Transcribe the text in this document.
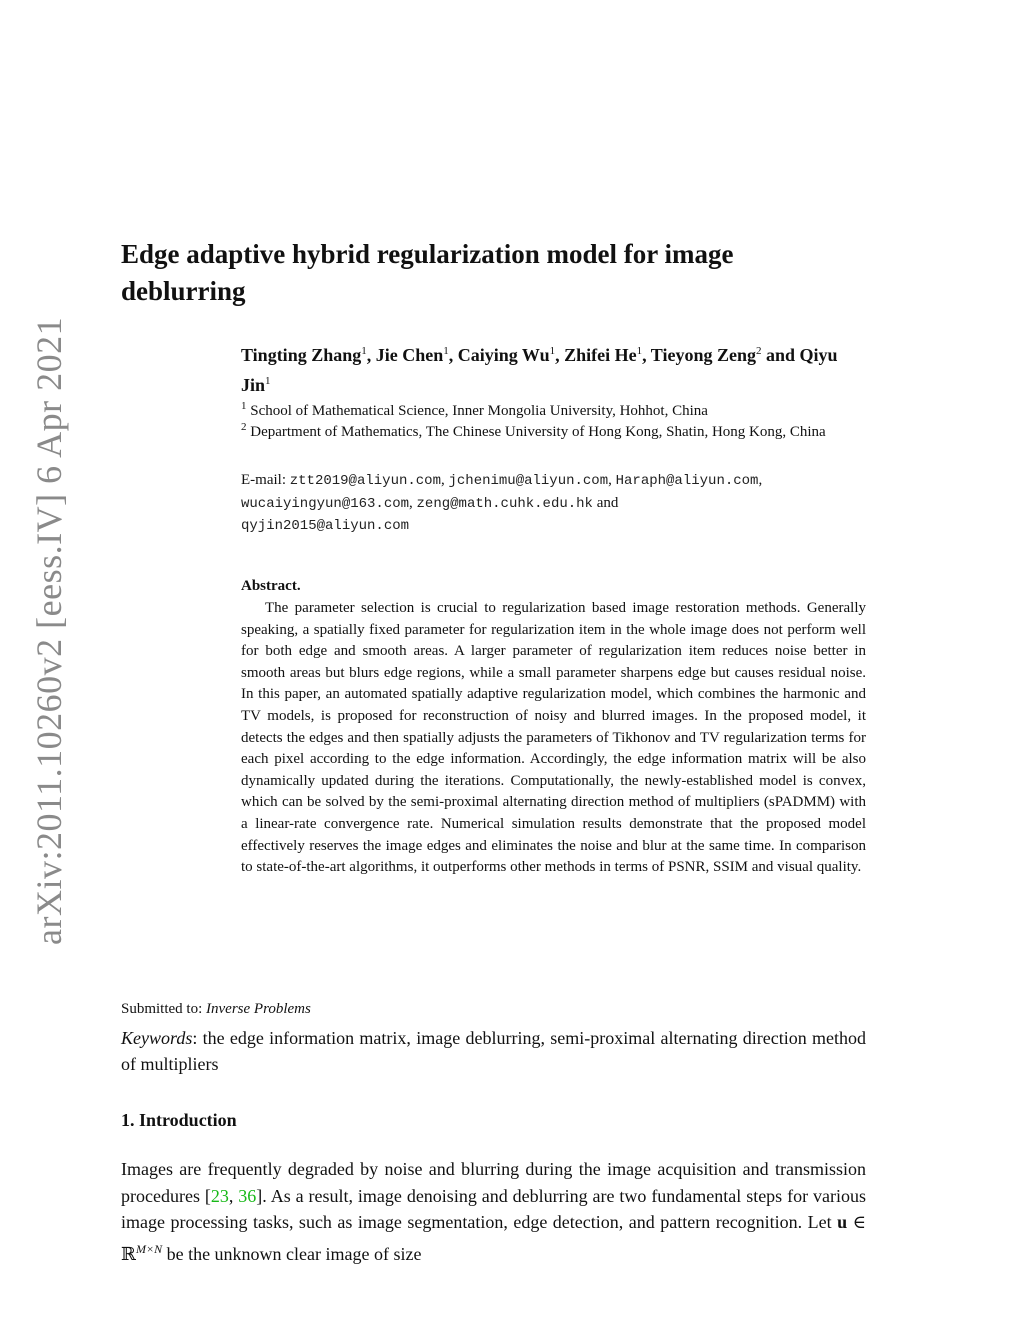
arXiv:2011.10260v2 [eess.IV] 6 Apr 2021
Edge adaptive hybrid regularization model for image deblurring
Tingting Zhang$^1$, Jie Chen$^1$, Caiying Wu$^1$, Zhifei He$^1$, Tieyong Zeng$^2$ and Qiyu Jin$^1$
$^1$ School of Mathematical Science, Inner Mongolia University, Hohhot, China
$^2$ Department of Mathematics, The Chinese University of Hong Kong, Shatin, Hong Kong, China
E-mail: ztt2019@aliyun.com, jchenimu@aliyun.com, Haraph@aliyun.com,
wucaiyingyun@163.com, zeng@math.cuhk.edu.hk and
qyjin2015@aliyun.com
Abstract.

The parameter selection is crucial to regularization based image restoration methods. Generally speaking, a spatially fixed parameter for regularization item in the whole image does not perform well for both edge and smooth areas. A larger parameter of regularization item reduces noise better in smooth areas but blurs edge regions, while a small parameter sharpens edge but causes residual noise. In this paper, an automated spatially adaptive regularization model, which combines the harmonic and TV models, is proposed for reconstruction of noisy and blurred images. In the proposed model, it detects the edges and then spatially adjusts the parameters of Tikhonov and TV regularization terms for each pixel according to the edge information. Accordingly, the edge information matrix will be also dynamically updated during the iterations. Computationally, the newly-established model is convex, which can be solved by the semi-proximal alternating direction method of multipliers (sPADMM) with a linear-rate convergence rate. Numerical simulation results demonstrate that the proposed model effectively reserves the image edges and eliminates the noise and blur at the same time. In comparison to state-of-the-art algorithms, it outperforms other methods in terms of PSNR, SSIM and visual quality.

Submitted to: Inverse Problems
Keywords: the edge information matrix, image deblurring, semi-proximal alternating direction method of multipliers
1. Introduction

Images are frequently degraded by noise and blurring during the image acquisition and transmission procedures [23, 36]. As a result, image denoising and deblurring are two fundamental steps for various image processing tasks, such as image segmentation, edge detection, and pattern recognition. Let u ∈ ℝ$^{M\times N}$ be the unknown clear image of size
